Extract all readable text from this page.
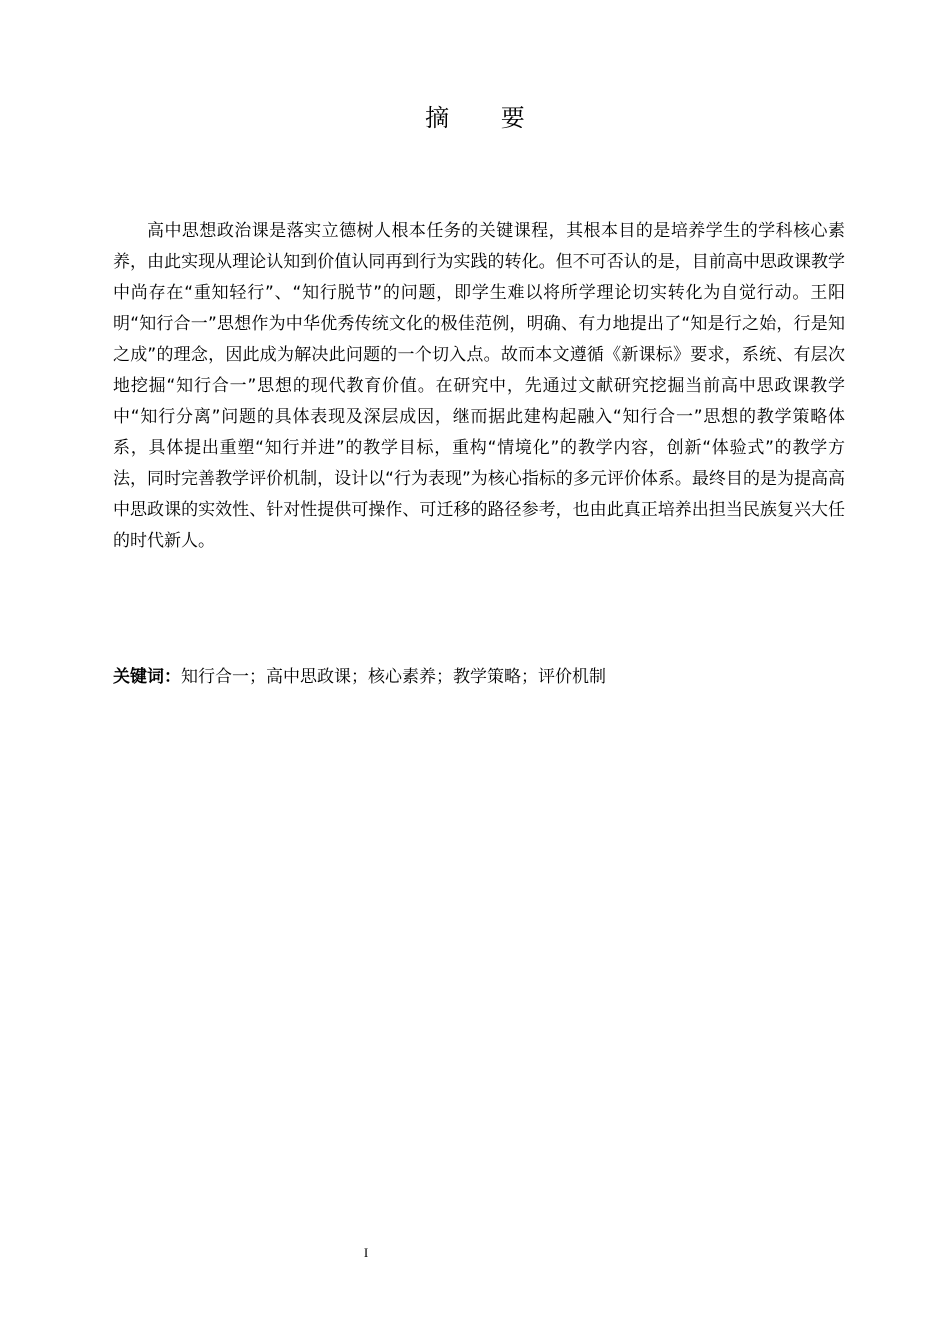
摘 要

高中思想政治课是落实立德树人根本任务的关键课程，其根本目的是培养学生的学科核心素养，由此实现从理论认知到价值认同再到行为实践的转化。但不可否认的是，目前高中思政课教学中尚存在“重知轻行”、“知行脱节”的问题，即学生难以将所学理论切实转化为自觉行动。王阳明“知行合一”思想作为中华优秀传统文化的极佳范例，明确、有力地提出了“知是行之始，行是知之成”的理念，因此成为解决此问题的一个切入点。故而本文遵循《新课标》要求，系统、有层次地挖掘“知行合一”思想的现代教育价值。在研究中，先通过文献研究挖掘当前高中思政课教学中“知行分离”问题的具体表现及深层成因，继而据此建构起融入“知行合一”思想的教学策略体系，具体提出重塑“知行并进”的教学目标，重构“情境化”的教学内容，创新“体验式”的教学方法，同时完善教学评价机制，设计以“行为表现”为核心指标的多元评价体系。最终目的是为提高高中思政课的实效性、针对性提供可操作、可迁移的路径参考，也由此真正培养出担当民族复兴大任的时代新人。

关键词：知行合一；高中思政课；核心素养；教学策略；评价机制

I
